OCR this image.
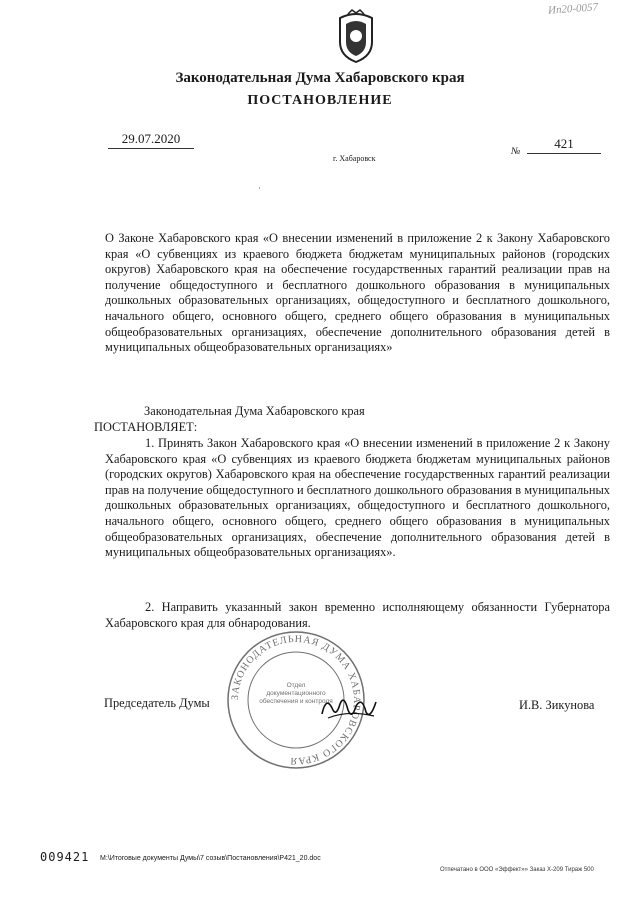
Ип20-0057
Законодательная Дума Хабаровского края
ПОСТАНОВЛЕНИЕ
29.07.2020
№
421
г. Хабаровск
·
О Законе Хабаровского края «О внесении изменений в приложение 2 к Закону Хабаровского края «О субвенциях из краевого бюджета бюджетам муниципальных районов (городских округов) Хабаровского края на обеспечение государственных гарантий реализации прав на получение общедоступного и бесплатного дошкольного образования в муниципальных дошкольных образовательных организациях, общедоступного и бесплатного дошкольного, начального общего, основного общего, среднего общего образования в муниципальных общеобразовательных организациях, обеспечение дополнительного образования детей в муниципальных общеобразовательных организациях»
Законодательная Дума Хабаровского края
ПОСТАНОВЛЯЕТ:
1. Принять Закон Хабаровского края «О внесении изменений в приложение 2 к Закону Хабаровского края «О субвенциях из краевого бюджета бюджетам муниципальных районов (городских округов) Хабаровского края на обеспечение государственных гарантий реализации прав на получение общедоступного и бесплатного дошкольного образования в муниципальных дошкольных образовательных организациях, общедоступного и бесплатного дошкольного, начального общего, основного общего, среднего общего образования в муниципальных общеобразовательных организациях, обеспечение дополнительного образования детей в муниципальных общеобразовательных организациях».
2. Направить указанный закон временно исполняющему обязанности Губернатора Хабаровского края для обнародования.
ЗАКОНОДАТЕЛЬНАЯ ДУМА ХАБАРОВСКОГО КРАЯ
Отдел документационного обеспечения и контроля
Председатель Думы	И.В. Зикунова
009421 M:\Итоговые документы Думы\7 созыв\Постановления\Р421_20.doc
Отпечатано в ООО «Эффект»» Заказ X-209 Тираж 500
